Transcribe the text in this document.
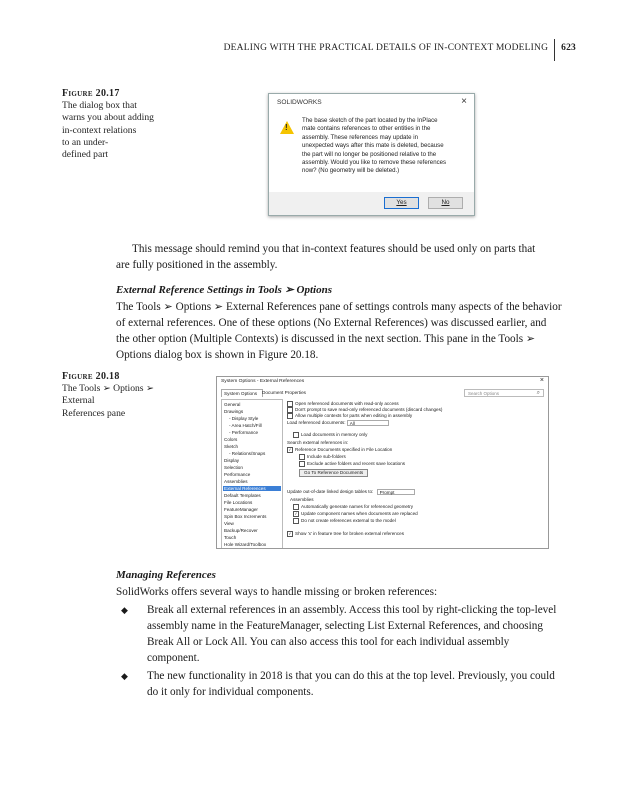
DEALING WITH THE PRACTICAL DETAILS OF IN-CONTEXT MODELING 623
Figure 20.17
The dialog box that
warns you about adding
in-context relations
to an under-
defined part
SOLIDWORKS	×
!
The base sketch of the part located by the InPlace
mate contains references to other entities in the
assembly. These references may update in
unexpected ways after this mate is deleted, because
the part will no longer be positioned relative to the
assembly. Would you like to remove these references
now? (No geometry will be deleted.)
Yes	No
This message should remind you that in-context features should be used only on parts that
are fully positioned in the assembly.
External Reference Settings in Tools ➢ Options
The Tools ➢ Options ➢ External References pane of settings controls many aspects of the behavior
of external references. One of these options (No External References) was discussed earlier, and
the other option (Multiple Contexts) is discussed in the next section. This pane in the Tools ➢
Options dialog box is shown in Figure 20.18.
Figure 20.18
The Tools ➢ Options ➢
External
References pane
System Options - External References	×
System Options	Document Properties	Search Options	⌕
General
Drawings
- Display Style
- Area Hatch/Fill
- Performance
Colors
Sketch
- Relations/Snaps
Display
Selection
Performance
Assemblies
External References
Default Templates
File Locations
FeatureManager
Spin Box Increments
View
Backup/Recover
Touch
Hole Wizard/Toolbox
Open referenced documents with read-only access
Don't prompt to save read-only referenced documents (discard changes)
Allow multiple contexts for parts when editing in assembly
Load referenced documents: All
Load documents in memory only
Search external references in:
✓ Reference Documents specified in File Location
Include sub-folders
Exclude active folders and recent save locations
Go To Reference Documents
Update out-of-date linked design tables to: Prompt
Assemblies
Automatically generate names for referenced geometry
✓ Update component names when documents are replaced
Do not create references external to the model
✓ Show 'x' in feature tree for broken external references
Managing References
SolidWorks offers several ways to handle missing or broken references:
◆ Break all external references in an assembly. Access this tool by right-clicking the top-level
assembly name in the FeatureManager, selecting List External References, and choosing
Break All or Lock All. You can also access this tool for each individual assembly
component.
◆ The new functionality in 2018 is that you can do this at the top level. Previously, you could
do it only for individual components.
